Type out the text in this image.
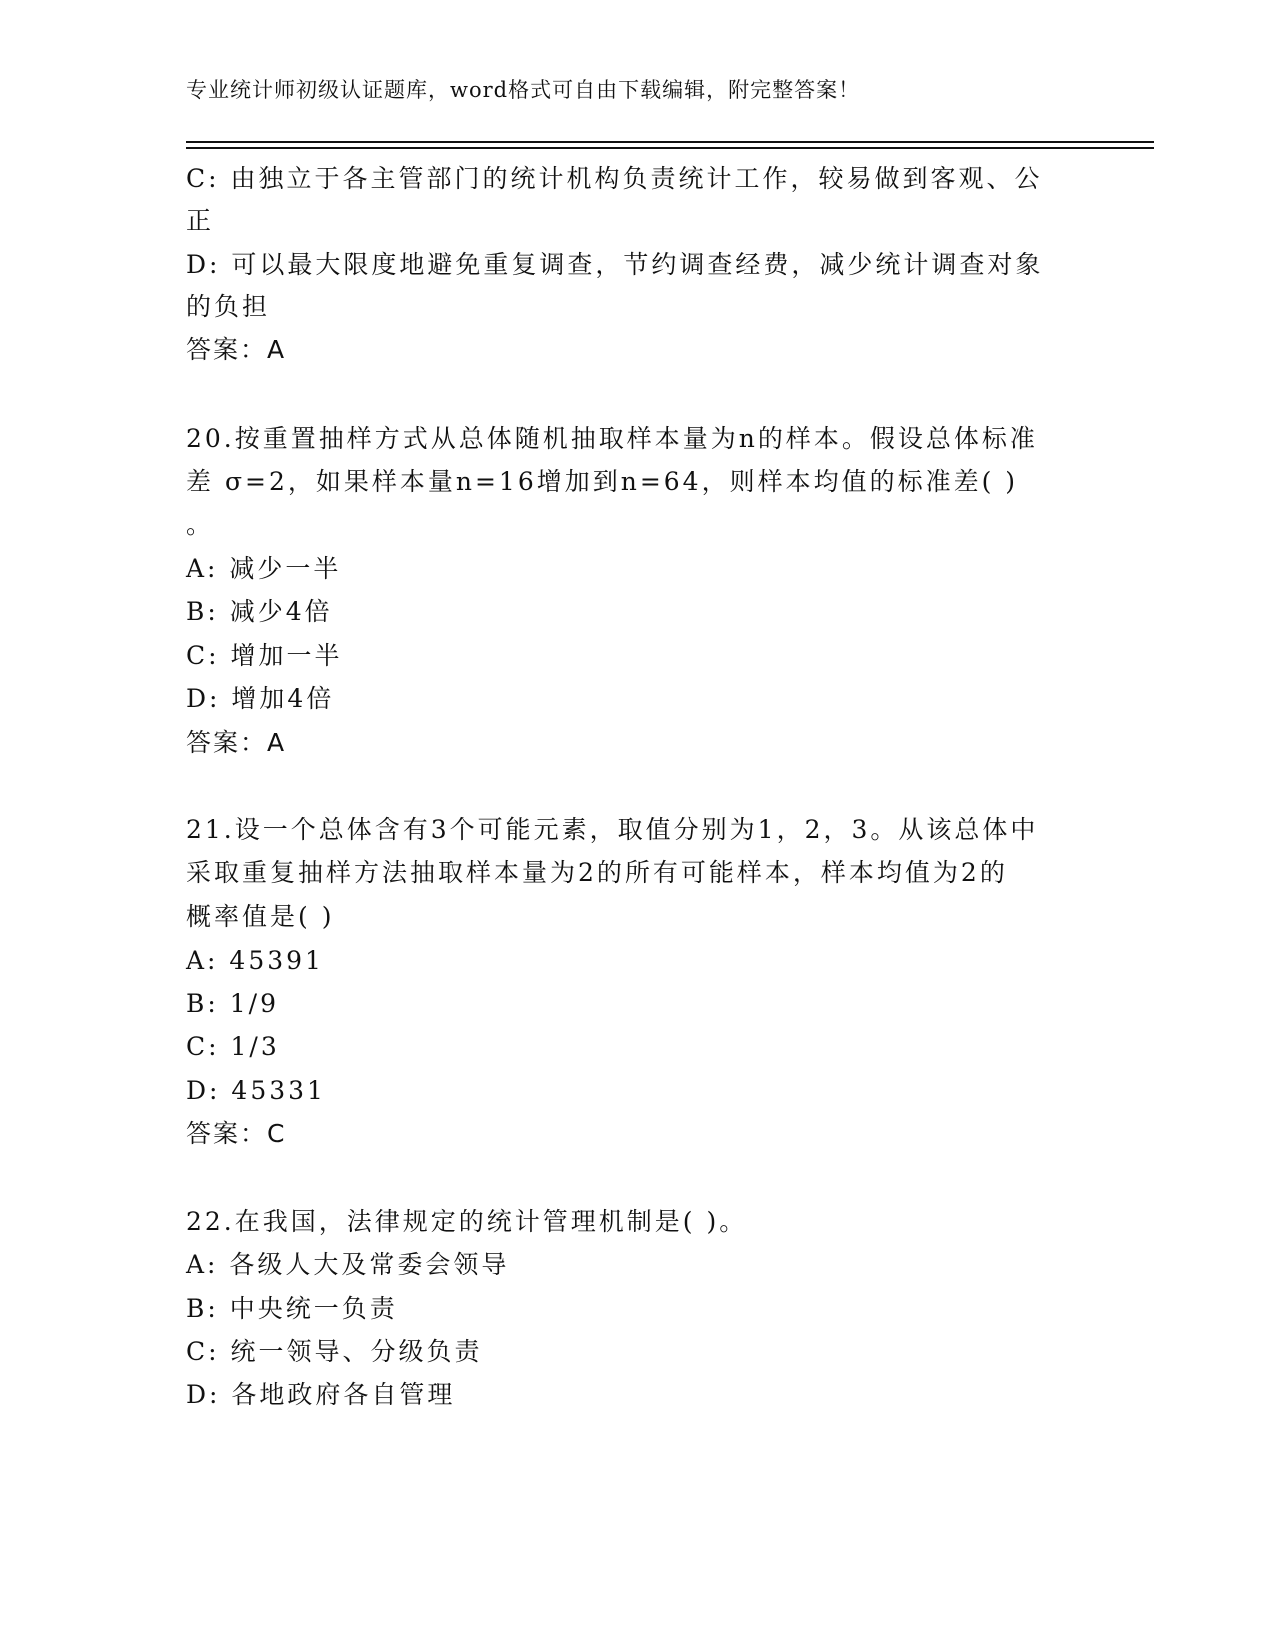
专业统计师初级认证题库，word格式可自由下载编辑，附完整答案！
C: 由独立于各主管部门的统计机构负责统计工作，较易做到客观、公
正
D: 可以最大限度地避免重复调查，节约调查经费，减少统计调查对象
的负担
答案：A
20.按重置抽样方式从总体随机抽取样本量为n的样本。假设总体标准
差 σ=2，如果样本量n=16增加到n=64，则样本均值的标准差( )
。
A: 减少一半
B: 减少4倍
C: 增加一半
D: 增加4倍
答案：A
21.设一个总体含有3个可能元素，取值分别为1，2，3。从该总体中
采取重复抽样方法抽取样本量为2的所有可能样本，样本均值为2的
概率值是( )
A: 45391
B: 1/9
C: 1/3
D: 45331
答案：C
22.在我国，法律规定的统计管理机制是( )。
A: 各级人大及常委会领导
B: 中央统一负责
C: 统一领导、分级负责
D: 各地政府各自管理
